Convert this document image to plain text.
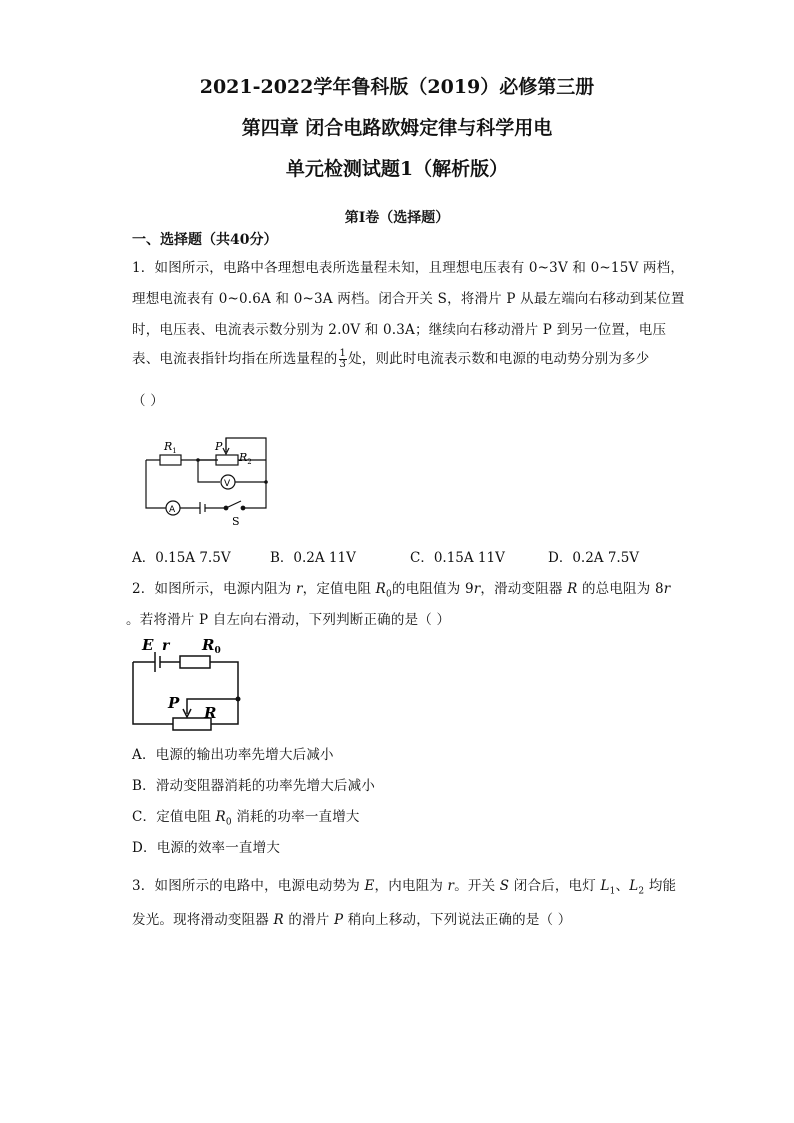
2021-2022学年鲁科版（2019）必修第三册
第四章 闭合电路欧姆定律与科学用电
单元检测试题1（解析版）
第Ⅰ卷（选择题）
一、选择题（共40分）
1．如图所示，电路中各理想电表所选量程未知，且理想电压表有 0~3V 和 0~15V 两档，
理想电流表有 0~0.6A 和 0~3A 两档。闭合开关 S，将滑片 P 从最左端向右移动到某位置
时，电压表、电流表示数分别为 2.0V 和 0.3A；继续向右移动滑片 P 到另一位置，电压
表、电流表指针均指在所选量程的 $\frac{1}{3}$ 处，则此时电流表示数和电源的电动势分别为多少
（ ）
$R_1$	P
$R_2$
V
A
S
A．0.15A 7.5V	B．0.2A 11V	C．0.15A 11V	D．0.2A 7.5V
2．如图所示，电源内阻为 r，定值电阻 $R_0$的电阻值为 9r，滑动变阻器 R 的总电阻为 8r
。若将滑片 P 自左向右滑动，下列判断正确的是（ ）
E r $R_0$
P
R
A．电源的输出功率先增大后减小
B．滑动变阻器消耗的功率先增大后减小
C．定值电阻 $R_0$ 消耗的功率一直增大
D．电源的效率一直增大
3．如图所示的电路中，电源电动势为 E，内电阻为 r。开关 S 闭合后，电灯 $L_1$、$L_2$ 均能
发光。现将滑动变阻器 R 的滑片 P 稍向上移动，下列说法正确的是（ ）
